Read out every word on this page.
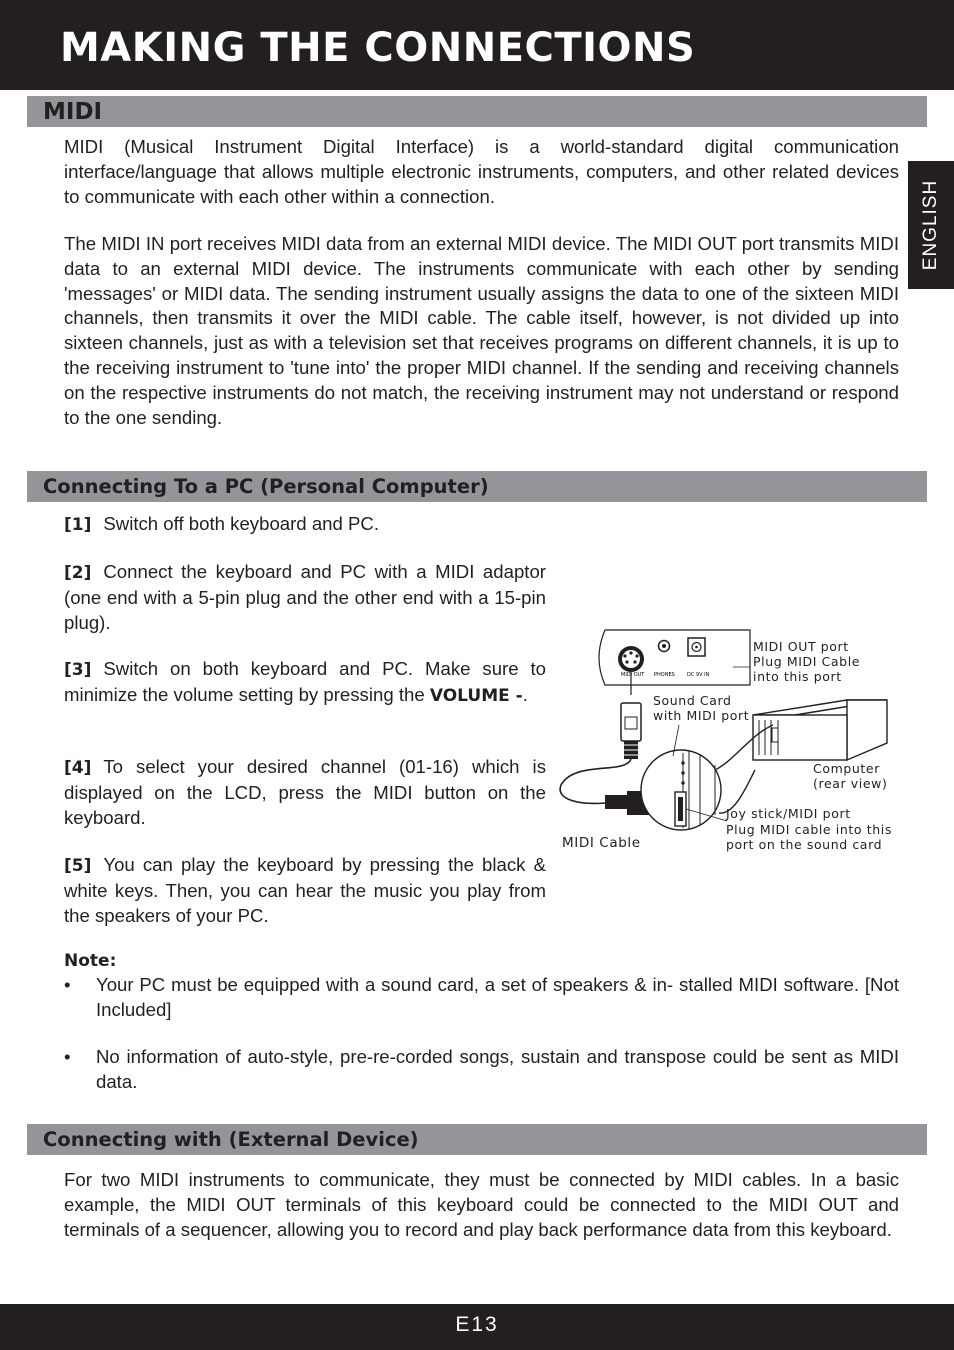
MAKING THE CONNECTIONS
ENGLISH
MIDI

MIDI (Musical Instrument Digital Interface) is a world-standard digital communication interface/language that allows multiple electronic instruments, computers, and other related devices to communicate with each other within a connection.

The MIDI IN port receives MIDI data from an external MIDI device. The MIDI OUT port transmits MIDI data to an external MIDI device. The instruments communicate with each other by sending 'messages' or MIDI data. The sending instrument usually assigns the data to one of the sixteen MIDI channels, then transmits it over the MIDI cable. The cable itself, however, is not divided up into sixteen channels, just as with a television set that receives programs on different channels, it is up to the receiving instrument to 'tune into' the proper MIDI channel. If the sending and receiving channels on the respective instruments do not match, the receiving instrument may not understand or respond to the one sending.

Connecting To a PC (Personal Computer)

[1] Switch off both keyboard and PC.

[2] Connect the keyboard and PC with a MIDI adaptor (one end with a 5-pin plug and the other end with a 15-pin plug).

[3] Switch on both keyboard and PC. Make sure to minimize the volume setting by pressing the VOLUME -.

[4] To select your desired channel (01-16) which is displayed on the LCD, press the MIDI button on the keyboard.

[5] You can play the keyboard by pressing the black & white keys. Then, you can hear the music you play from the speakers of your PC.

Note:

• Your PC must be equipped with a sound card, a set of speakers & in- stalled MIDI software. [Not Included]
• No information of auto-style, pre-re-corded songs, sustain and transpose could be sent as MIDI data.
MIDI OUT PHONES DC 9V IN
MIDI OUT port
Plug MIDI Cable
into this port
Sound Card
with MIDI port
Computer
(rear view)
Joy stick/MIDI port
Plug MIDI cable into this
port on the sound card
MIDI Cable
Connecting with (External Device)

For two MIDI instruments to communicate, they must be connected by MIDI cables. In a basic example, the MIDI OUT terminals of this keyboard could be connected to the MIDI OUT and terminals of a sequencer, allowing you to record and play back performance data from this keyboard.

E13
